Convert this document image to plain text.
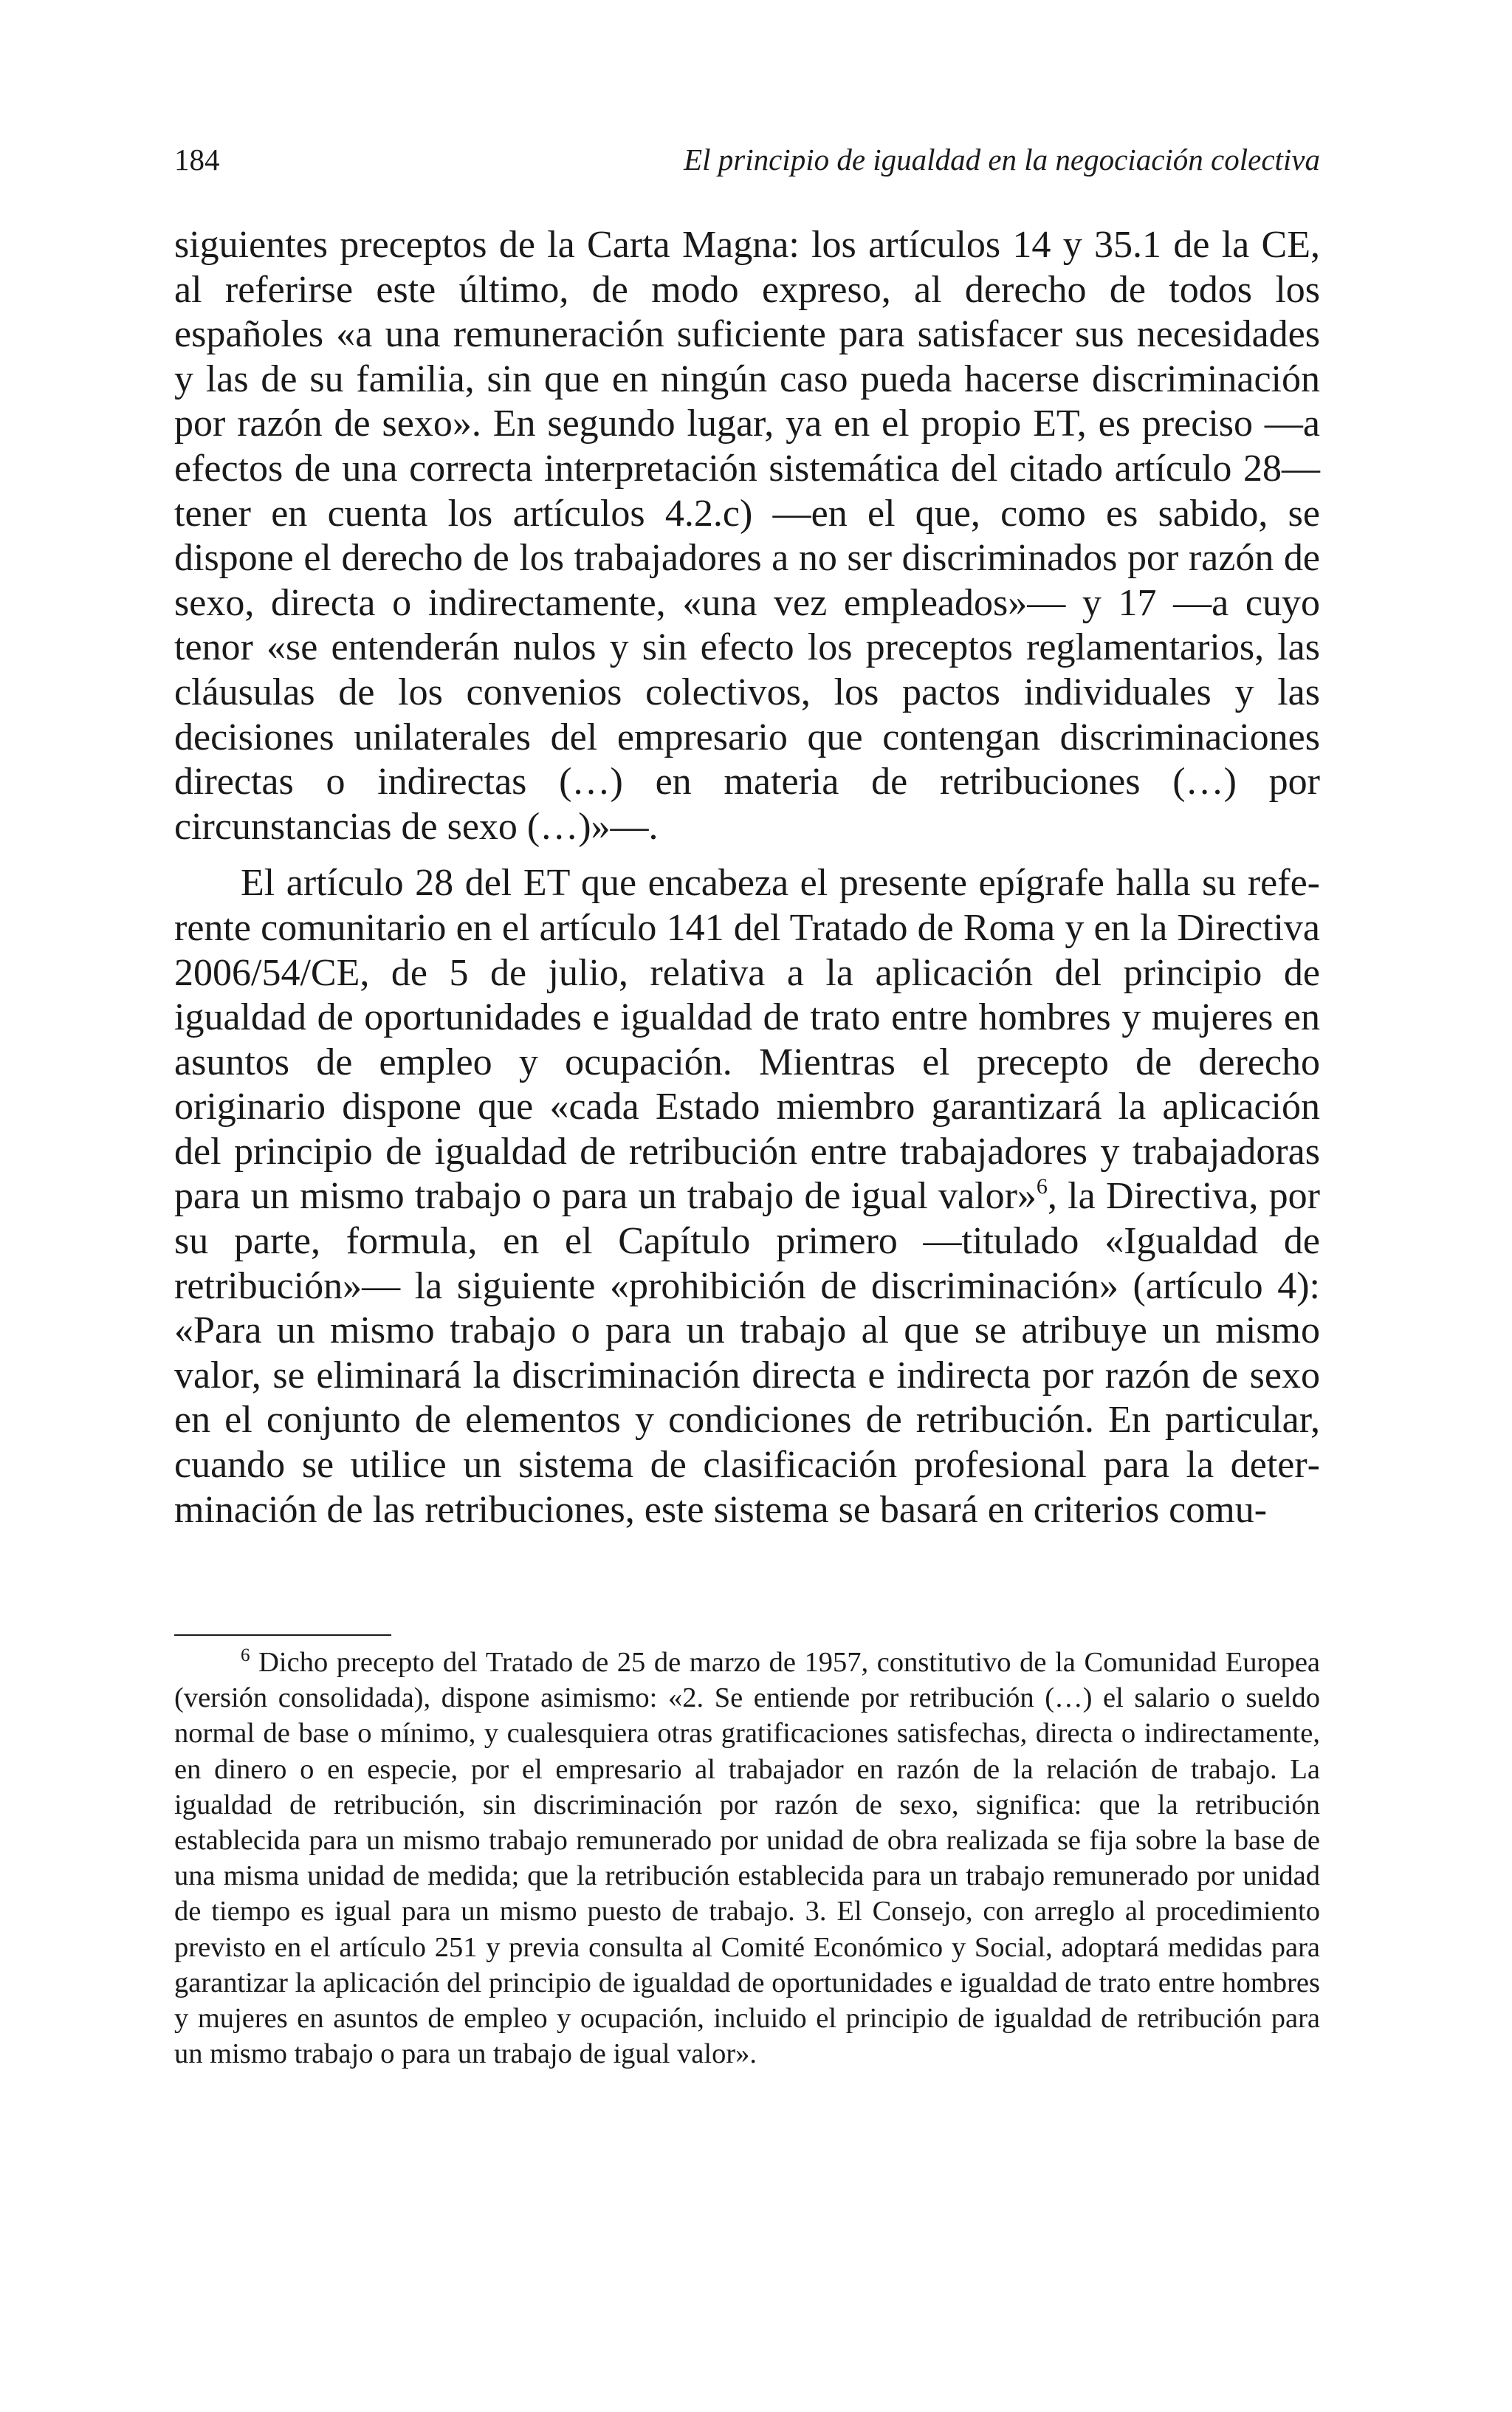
184	El principio de igualdad en la negociación colectiva

siguientes preceptos de la Carta Magna: los artículos 14 y 35.1 de la CE, al referirse este último, de modo expreso, al derecho de todos los españoles «a una remuneración suficiente para satisfacer sus necesidades y las de su familia, sin que en ningún caso pueda hacerse discriminación por razón de sexo». En segundo lugar, ya en el propio ET, es preciso —a efectos de una correcta interpretación sistemática del citado artículo 28— tener en cuenta los artículos 4.2.c) —en el que, como es sabido, se dispone el derecho de los trabajadores a no ser discriminados por razón de sexo, directa o indirectamente, «una vez empleados»— y 17 —a cuyo tenor «se entenderán nulos y sin efecto los preceptos reglamentarios, las cláusulas de los convenios colectivos, los pactos individuales y las decisiones unilaterales del empresario que contengan discriminaciones directas o indirectas (…) en materia de retribuciones (…) por circunstancias de sexo (…)»—.

El artículo 28 del ET que encabeza el presente epígrafe halla su referente comunitario en el artículo 141 del Tratado de Roma y en la Directiva 2006/54/CE, de 5 de julio, relativa a la aplicación del principio de igualdad de oportunidades e igualdad de trato entre hombres y mujeres en asuntos de empleo y ocupación. Mientras el precepto de derecho originario dispone que «cada Estado miembro garantizará la aplicación del principio de igualdad de retribución entre trabajadores y trabajadoras para un mismo trabajo o para un trabajo de igual valor»$^6$, la Directiva, por su parte, formula, en el Capítulo primero —titulado «Igualdad de retribución»— la siguiente «prohibición de discriminación» (artículo 4): «Para un mismo trabajo o para un trabajo al que se atribuye un mismo valor, se eliminará la discriminación directa e indirecta por razón de sexo en el conjunto de elementos y condiciones de retribución. En particular, cuando se utilice un sistema de clasificación profesional para la determinación de las retribuciones, este sistema se basará en criterios comu-

$^6$ Dicho precepto del Tratado de 25 de marzo de 1957, constitutivo de la Comunidad Europea (versión consolidada), dispone asimismo: «2. Se entiende por retribución (…) el salario o sueldo normal de base o mínimo, y cualesquiera otras gratificaciones satisfechas, directa o indirectamente, en dinero o en especie, por el empresario al trabajador en razón de la relación de trabajo. La igualdad de retribución, sin discriminación por razón de sexo, significa: que la retribución establecida para un mismo trabajo remunerado por unidad de obra realizada se fija sobre la base de una misma unidad de medida; que la retribución establecida para un trabajo remunerado por unidad de tiempo es igual para un mismo puesto de trabajo. 3. El Consejo, con arreglo al procedimiento previsto en el artículo 251 y previa consulta al Comité Económico y Social, adoptará medidas para garantizar la aplicación del principio de igualdad de oportunidades e igualdad de trato entre hombres y mujeres en asuntos de empleo y ocupación, incluido el principio de igualdad de retribución para un mismo trabajo o para un trabajo de igual valor».
